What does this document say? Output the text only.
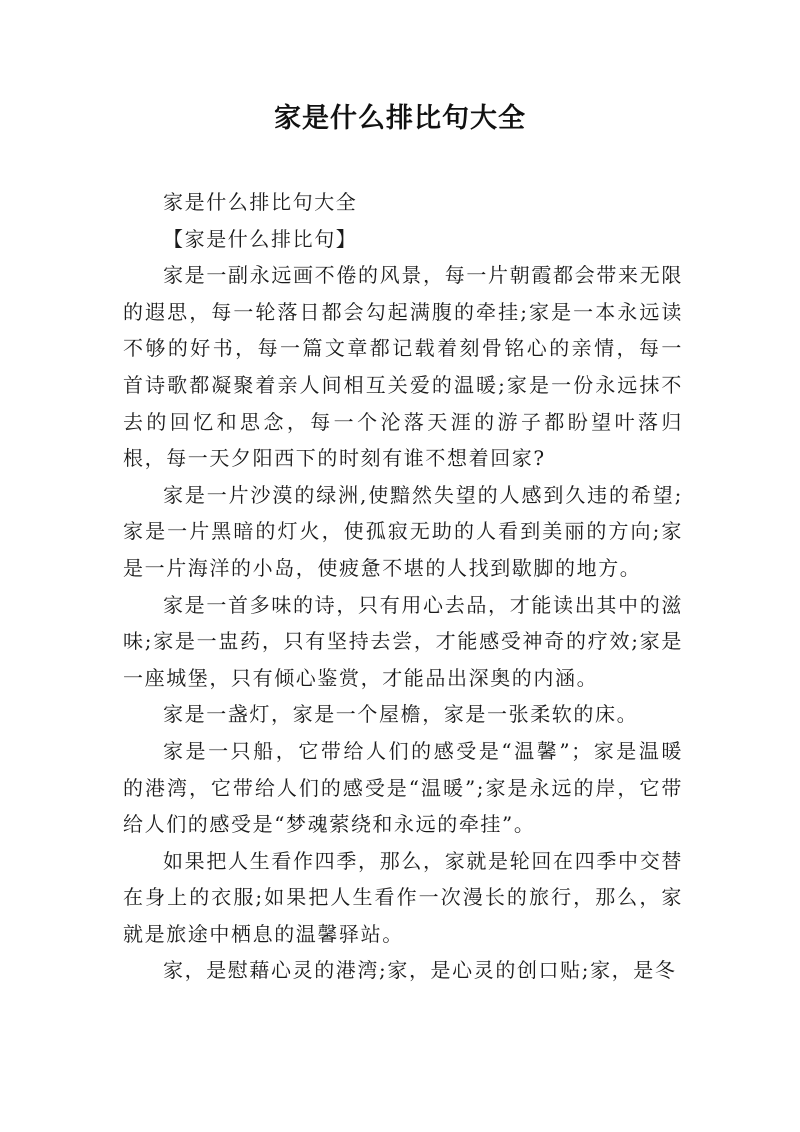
家是什么排比句大全

家是什么排比句大全

【家是什么排比句】

家是一副永远画不倦的风景，每一片朝霞都会带来无限的遐思，每一轮落日都会勾起满腹的牵挂;家是一本永远读不够的好书，每一篇文章都记载着刻骨铭心的亲情，每一首诗歌都凝聚着亲人间相互关爱的温暖;家是一份永远抹不去的回忆和思念，每一个沦落天涯的游子都盼望叶落归根，每一天夕阳西下的时刻有谁不想着回家?

家是一片沙漠的绿洲,使黯然失望的人感到久违的希望;家是一片黑暗的灯火，使孤寂无助的人看到美丽的方向;家是一片海洋的小岛，使疲惫不堪的人找到歇脚的地方。

家是一首多味的诗，只有用心去品，才能读出其中的滋味;家是一盅药，只有坚持去尝，才能感受神奇的疗效;家是一座城堡，只有倾心鉴赏，才能品出深奥的内涵。

家是一盏灯，家是一个屋檐，家是一张柔软的床。

家是一只船，它带给人们的感受是“温馨”；家是温暖的港湾，它带给人们的感受是“温暖”;家是永远的岸，它带给人们的感受是“梦魂萦绕和永远的牵挂”。

如果把人生看作四季，那么，家就是轮回在四季中交替在身上的衣服;如果把人生看作一次漫长的旅行，那么，家就是旅途中栖息的温馨驿站。

家，是慰藉心灵的港湾;家，是心灵的创口贴;家，是冬
